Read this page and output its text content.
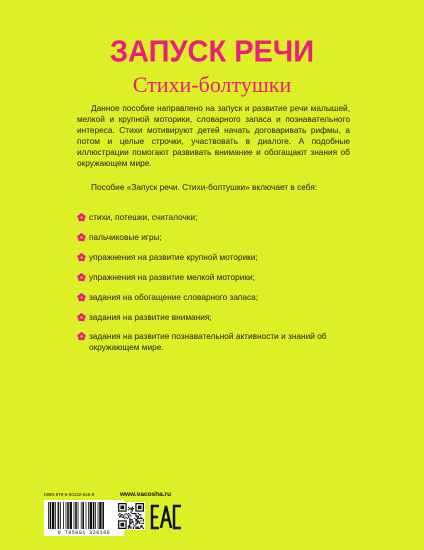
ЗАПУСК РЕЧИ
Стихи-болтушки

Данное пособие направлено на запуск и развитие речи малышей, мелкой и крупной моторики, словарного запаса и познавательного интереса. Стихи мотивируют детей начать договаривать рифмы, а потом и целые строчки, участвовать в диалоге. А подобные иллюстрации помогают развивать внимание и обогащают знания об окружающем мире.

Пособие «Запуск речи. Стихи-болтушки» включает в себя:

стихи, потешки, считалочки;
пальчиковые игры;
упражнения на развитие крупной моторики;
упражнения на развитие мелкой моторики;
задания на обогащение словарного запаса;
задания на развитие внимания;
задания на развитие познавательной активности и знаний об окружающем мире.
ISBN 978-5-00132-616-8	www.vacosha.ru
9 785001 326168
